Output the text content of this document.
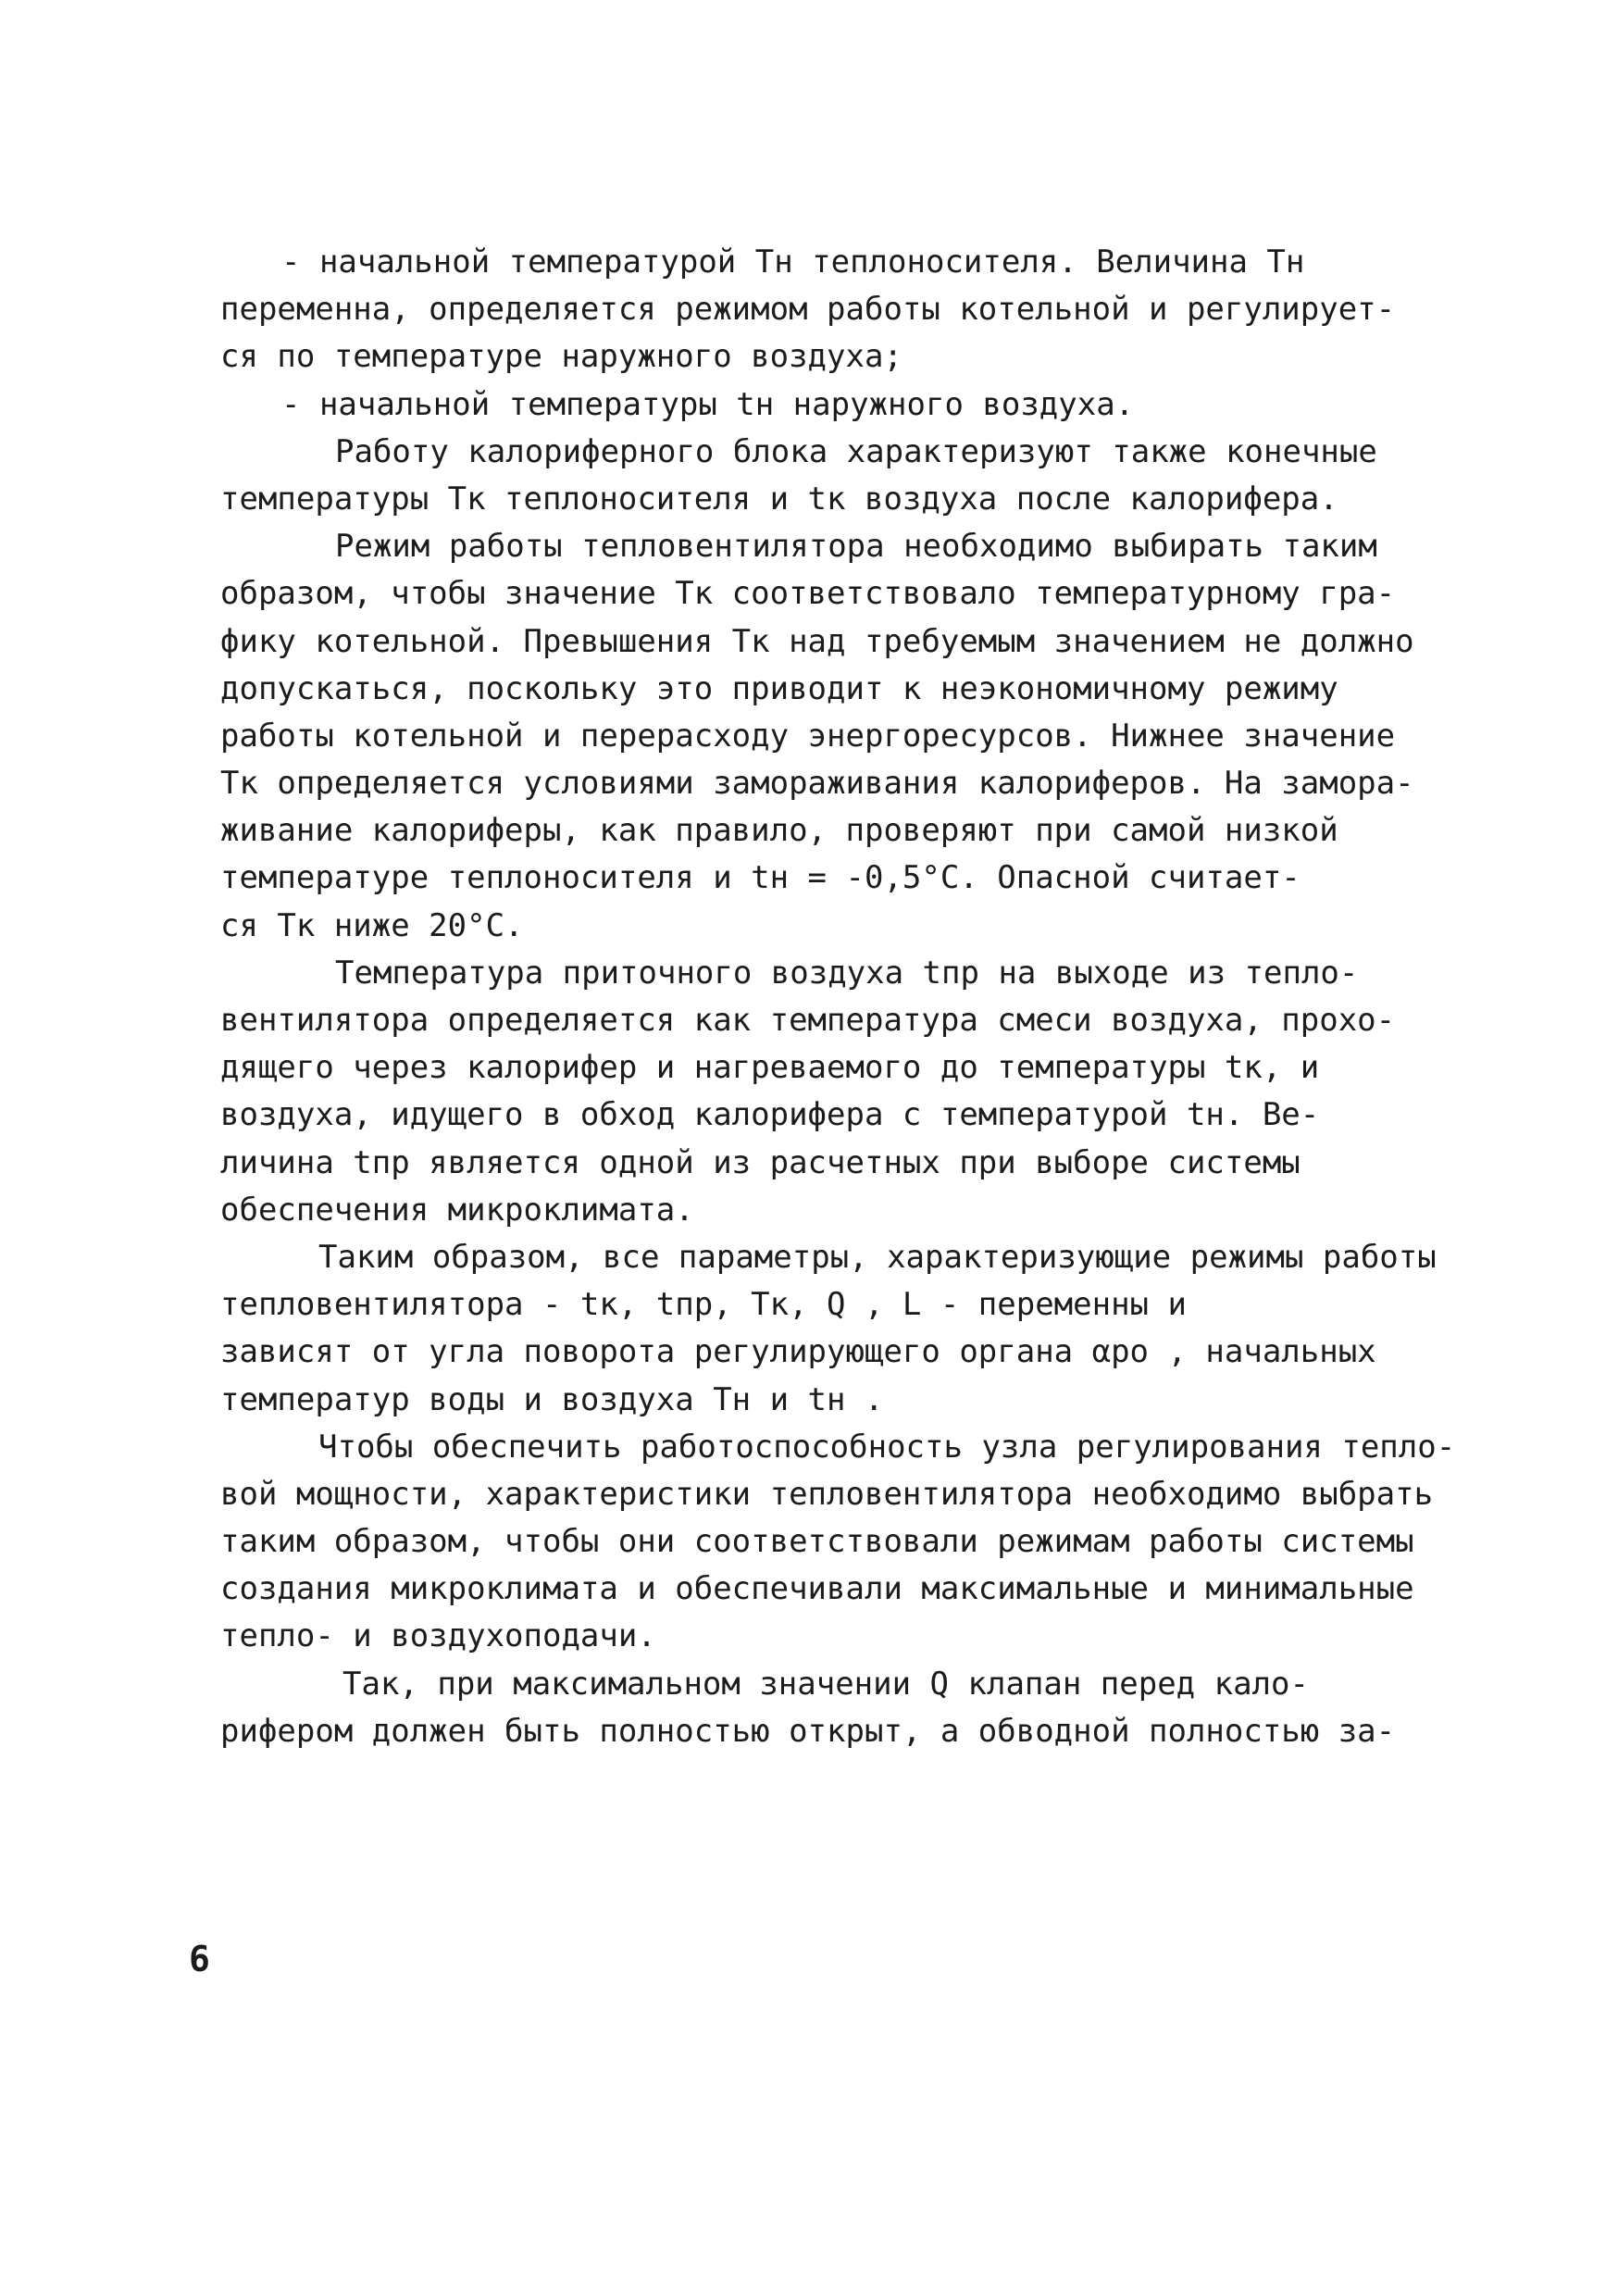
- начальной температурой Tн теплоносителя. Величина Tн
переменна, определяется режимом работы котельной и регулирует-
ся по температуре наружного воздуха;
- начальной температуры tн наружного воздуха.
Работу калориферного блока характеризуют также конечные
температуры Tк теплоносителя и tк воздуха после калорифера.
Режим работы тепловентилятора необходимо выбирать таким
образом, чтобы значение Tк соответствовало температурному гра-
фику котельной. Превышения Tк над требуемым значением не должно
допускаться, поскольку это приводит к неэкономичному режиму
работы котельной и перерасходу энергоресурсов. Нижнее значение
Tк определяется условиями замораживания калориферов. На замора-
живание калориферы, как правило, проверяют при самой низкой
температуре теплоносителя и tн = -0,5°C. Опасной считает-
ся Tк ниже 20°C.
Температура приточного воздуха tпр на выходе из тепло-
вентилятора определяется как температура смеси воздуха, прохо-
дящего через калорифер и нагреваемого до температуры tк, и
воздуха, идущего в обход калорифера с температурой tн. Ве-
личина tпр является одной из расчетных при выборе системы
обеспечения микроклимата.
Таким образом, все параметры, характеризующие режимы работы
тепловентилятора - tк, tпр, Tк, Q , L - переменны и
зависят от угла поворота регулирующего органа αро , начальных
температур воды и воздуха Tн и tн .
Чтобы обеспечить работоспособность узла регулирования тепло-
вой мощности, характеристики тепловентилятора необходимо выбрать
таким образом, чтобы они соответствовали режимам работы системы
создания микроклимата и обеспечивали максимальные и минимальные
тепло- и воздухоподачи.
Так, при максимальном значении Q клапан перед кало-
рифером должен быть полностью открыт, а обводной полностью за-
6
